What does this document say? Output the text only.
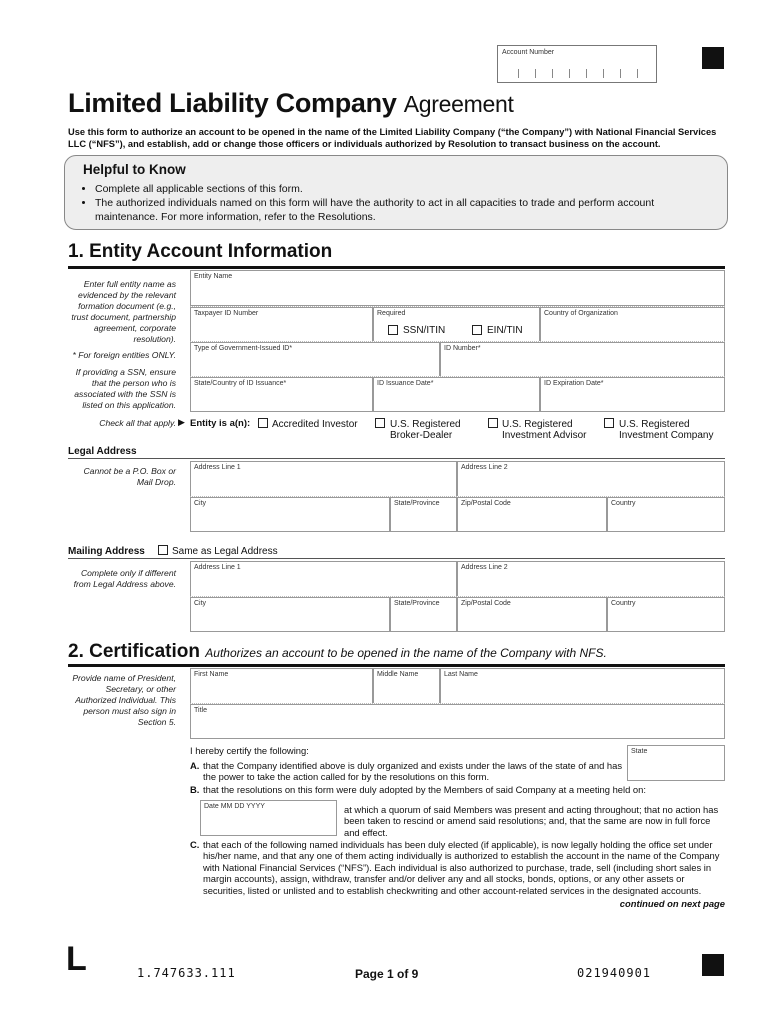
Account Number
Limited Liability Company Agreement
Use this form to authorize an account to be opened in the name of the Limited Liability Company (“the Company”) with National Financial Services LLC (“NFS”), and establish, add or change those officers or individuals authorized by Resolution to transact business on the account.
Helpful to Know
• Complete all applicable sections of this form.
• The authorized individuals named on this form will have the authority to act in all capacities to trade and perform account maintenance. For more information, refer to the Resolutions.
1. Entity Account Information
Enter full entity name as evidenced by the relevant formation document (e.g., trust document, partnership agreement, corporate resolution).
* For foreign entities ONLY.
If providing a SSN, ensure that the person who is associated with the SSN is listed on this application.
Entity Name
Taxpayer ID Number	Required	Country of Organization
SSN/ITIN	EIN/TIN
Type of Government-Issued ID*	ID Number*
State/Country of ID Issuance*	ID Issuance Date*	ID Expiration Date*
Check all that apply. ▶ Entity is a(n): Accredited Investor	U.S. Registered Broker-Dealer
U.S. Registered Investment Advisor
U.S. Registered Investment Company
Legal Address
Cannot be a P.O. Box or Mail Drop.
Address Line 1	Address Line 2
City	State/Province	Zip/Postal Code	Country
Mailing Address	Same as Legal Address
Complete only if different from Legal Address above.
Address Line 1	Address Line 2
City	State/Province	Zip/Postal Code	Country
2. Certification Authorizes an account to be opened in the name of the Company with NFS.
Provide name of President, Secretary, or other Authorized Individual. This person must also sign in Section 5.
First Name	Middle Name	Last Name
Title
I hereby certify the following:	State
A. that the Company identified above is duly organized and exists under the laws of the state of and has the power to take the action called for by the resolutions on this form.
B. that the resolutions on this form were duly adopted by the Members of said Company at a meeting held on:
Date MM DD YYYY	at which a quorum of said Members was present and acting throughout; that no action has been taken to rescind or amend said resolutions; and, that the same are now in full force and effect.
C. that each of the following named individuals has been duly elected (if applicable), is now legally holding the office set under his/her name, and that any one of them acting individually is authorized to establish the account in the name of the Company with National Financial Services (“NFS”). Each individual is also authorized to purchase, trade, sell (including short sales in margin accounts), assign, withdraw, transfer and/or deliver any and all stocks, bonds, options, or any other assets or securities, listed or unlisted and to establish checkwriting and other account-related services in the designated accounts.
continued on next page
L	1.747633.111	Page 1 of 9	021940901
